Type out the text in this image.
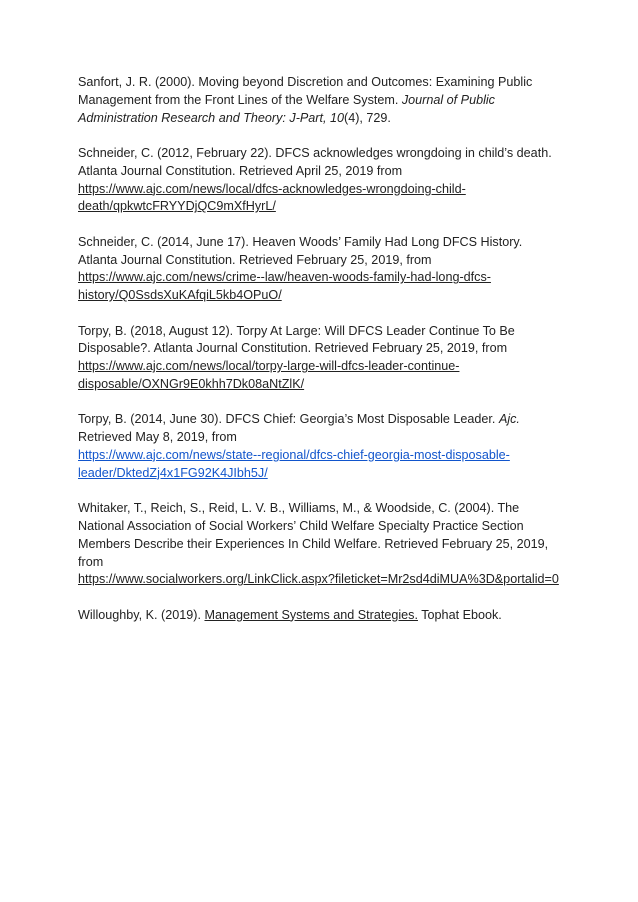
Sanfort, J. R. (2000). Moving beyond Discretion and Outcomes: Examining Public Management from the Front Lines of the Welfare System. Journal of Public Administration Research and Theory: J-Part, 10(4), 729.

Schneider, C. (2012, February 22). DFCS acknowledges wrongdoing in child’s death. Atlanta Journal Constitution. Retrieved April 25, 2019 from
https://www.ajc.com/news/local/dfcs-acknowledges-wrongdoing-child-death/qpkwtcFRYYDjQC9mXfHyrL/

Schneider, C. (2014, June 17). Heaven Woods’ Family Had Long DFCS History. Atlanta Journal Constitution. Retrieved February 25, 2019, from
https://www.ajc.com/news/crime--law/heaven-woods-family-had-long-dfcs-history/Q0SsdsXuKAfqiL5kb4OPuO/

Torpy, B. (2018, August 12). Torpy At Large: Will DFCS Leader Continue To Be Disposable?. Atlanta Journal Constitution. Retrieved February 25, 2019, from
https://www.ajc.com/news/local/torpy-large-will-dfcs-leader-continue-disposable/OXNGr9E0khh7Dk08aNtZlK/

Torpy, B. (2014, June 30). DFCS Chief: Georgia’s Most Disposable Leader. Ajc. Retrieved May 8, 2019, from
https://www.ajc.com/news/state--regional/dfcs-chief-georgia-most-disposable-leader/DktedZj4x1FG92K4JIbh5J/

Whitaker, T., Reich, S., Reid, L. V. B., Williams, M., & Woodside, C. (2004). The National Association of Social Workers’ Child Welfare Specialty Practice Section Members Describe their Experiences In Child Welfare. Retrieved February 25, 2019, from
https://www.socialworkers.org/LinkClick.aspx?fileticket=Mr2sd4diMUA%3D&portalid=0

Willoughby, K. (2019). Management Systems and Strategies. Tophat Ebook.
